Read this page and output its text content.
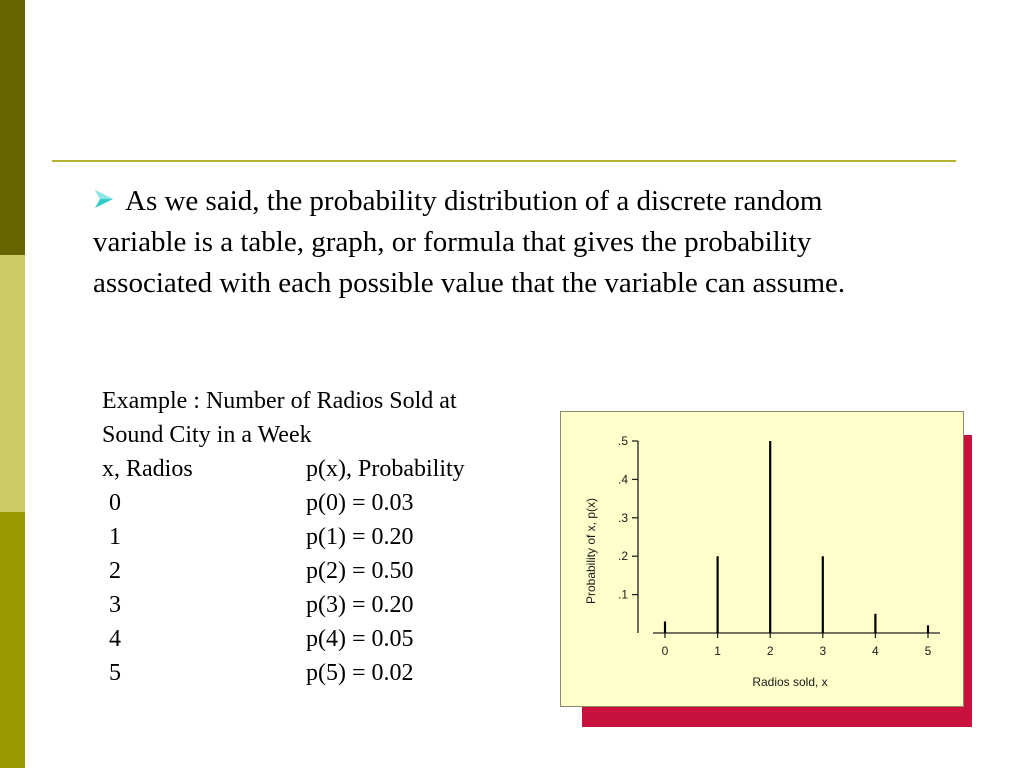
As we said, the probability distribution of a discrete random variable is a table, graph, or formula that gives the probability associated with each possible value that the variable can assume.
Example : Number of Radios Sold at
Sound City in a Week
x, Radios	p(x), Probability
0	p(0) = 0.03
1	p(1) = 0.20
2	p(2) = 0.50
3	p(3) = 0.20
4	p(4) = 0.05
5	p(5) = 0.02
.1
.2
.3
.4
.5
0	1	2	3	4	5
Radios sold, x
Probability of x, p(x)
